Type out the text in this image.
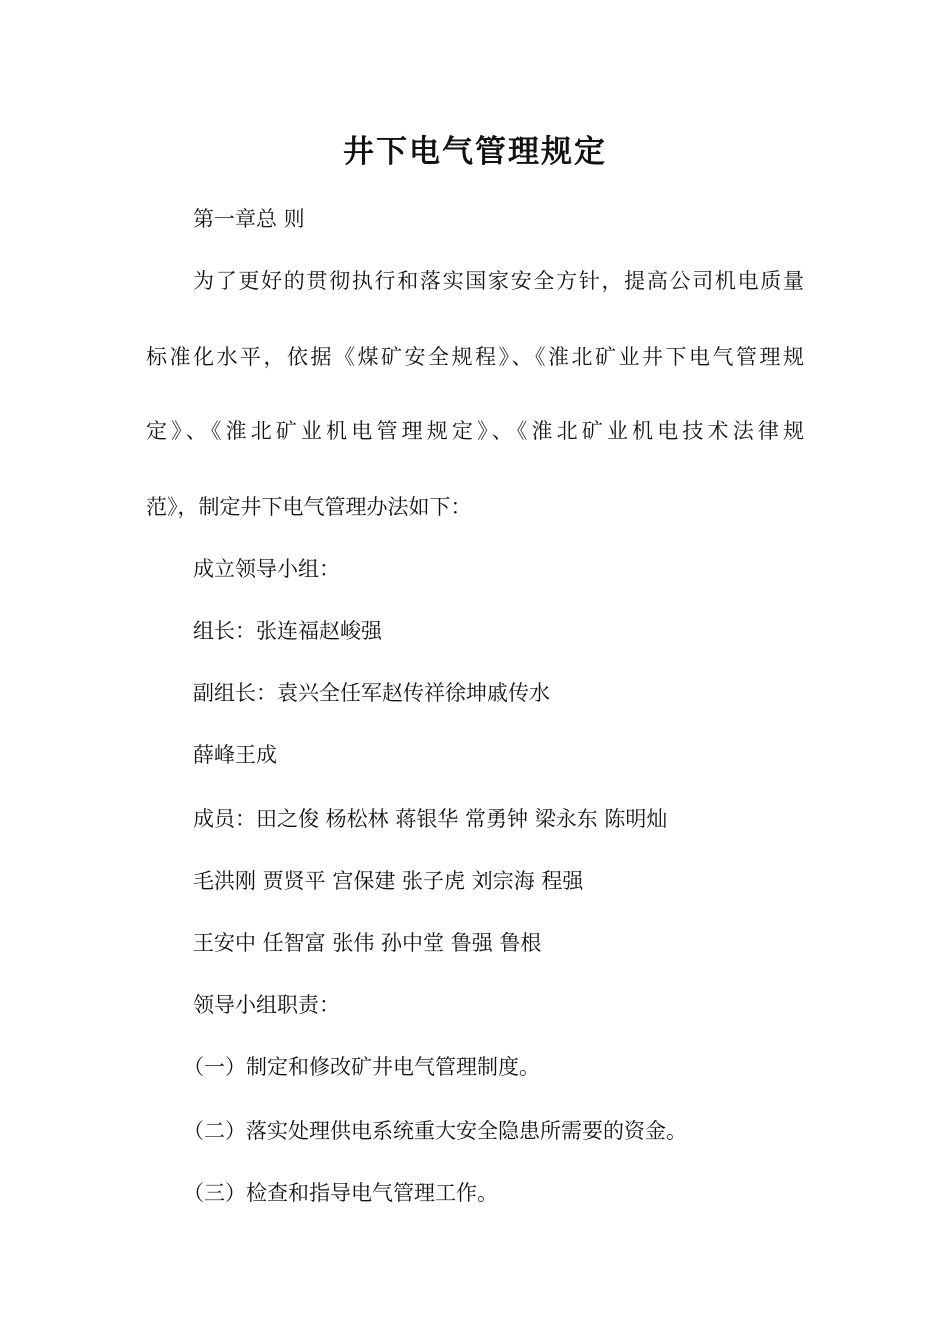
井下电气管理规定
第一章总 则
为了更好的贯彻执行和落实国家安全方针，提高公司机电质量
标准化水平，依据《煤矿安全规程》、《淮北矿业井下电气管理规
定》、《淮北矿业机电管理规定》、《淮北矿业机电技术法律规
范》，制定井下电气管理办法如下：
成立领导小组：
组长：张连福赵峻强
副组长：袁兴全任军赵传祥徐坤戚传水
薛峰王成
成员：田之俊 杨松林 蒋银华 常勇钟 梁永东 陈明灿
毛洪刚 贾贤平 宫保建 张子虎 刘宗海 程强
王安中 任智富 张伟 孙中堂 鲁强 鲁根
领导小组职责：
（一）制定和修改矿井电气管理制度。
（二）落实处理供电系统重大安全隐患所需要的资金。
（三）检查和指导电气管理工作。
